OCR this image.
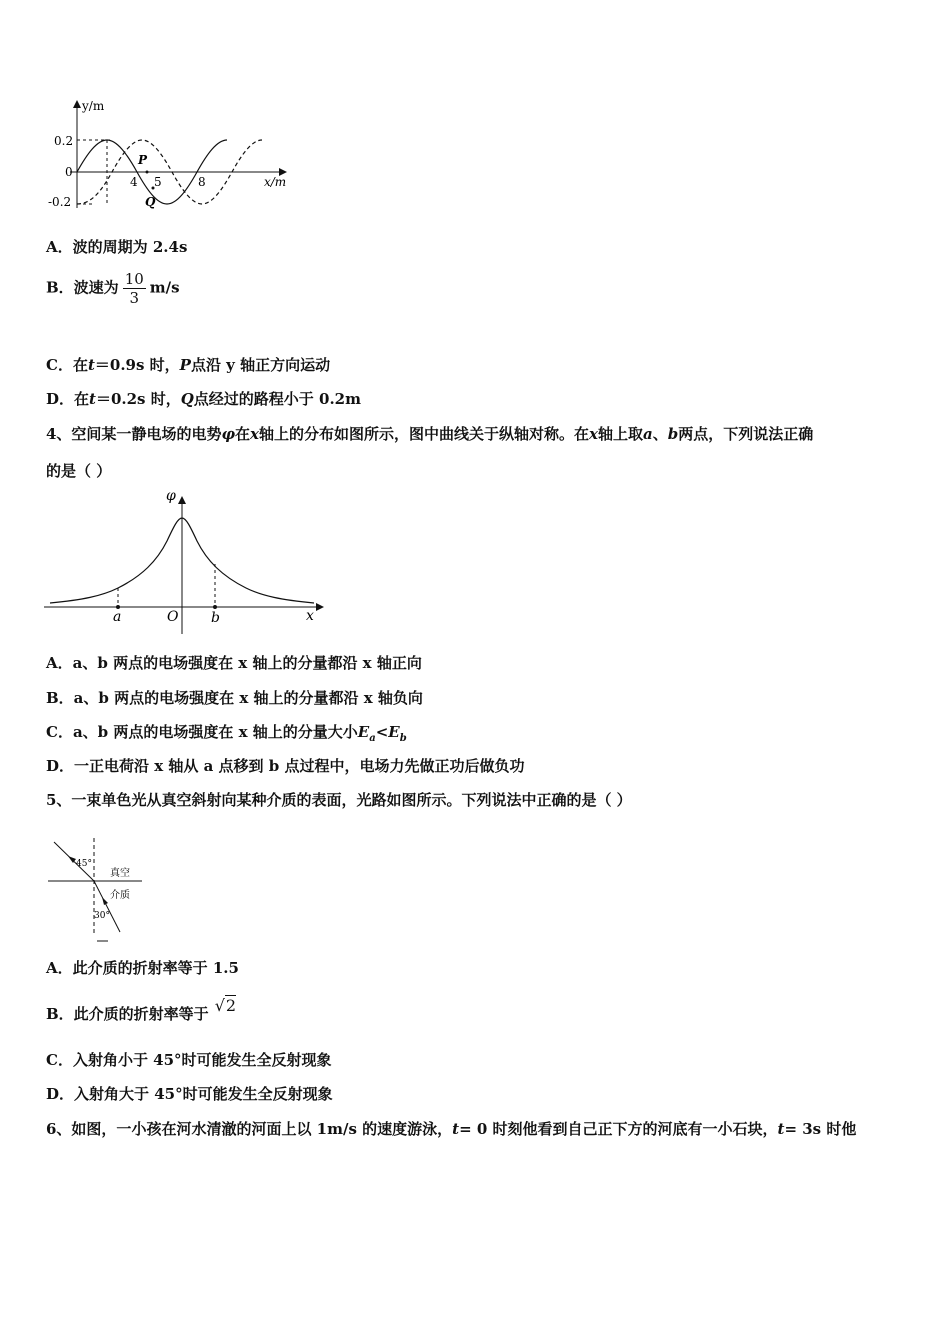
y/m
x/m
0.2
0
-0.2
P
Q
4 5	8
A．波的周期为 2.4s
B．波速为 $\frac{10}{3} m/s$
C．在t＝0.9s 时，P点沿 y 轴正方向运动
D．在t＝0.2s 时，Q点经过的路程小于 0.2m
4、空间某一静电场的电势φ在x轴上的分布如图所示，图中曲线关于纵轴对称。在x轴上取a、b两点，下列说法正确
的是（ ）
φ
x
a	O b
A．a、b 两点的电场强度在 x 轴上的分量都沿 x 轴正向
B．a、b 两点的电场强度在 x 轴上的分量都沿 x 轴负向
C．a、b 两点的电场强度在 x 轴上的分量大小$E_a<E_b$
D．一正电荷沿 x 轴从 a 点移到 b 点过程中，电场力先做正功后做负功
5、一束单色光从真空斜射向某种介质的表面，光路如图所示。下列说法中正确的是（ ）
45°
30°
真空
介质
A．此介质的折射率等于 1.5
B．此介质的折射率等于 √2
C．入射角小于 45°时可能发生全反射现象
D．入射角大于 45°时可能发生全反射现象
6、如图，一小孩在河水清澈的河面上以 1m/s 的速度游泳，t= 0 时刻他看到自己正下方的河底有一小石块，t= 3s 时他
